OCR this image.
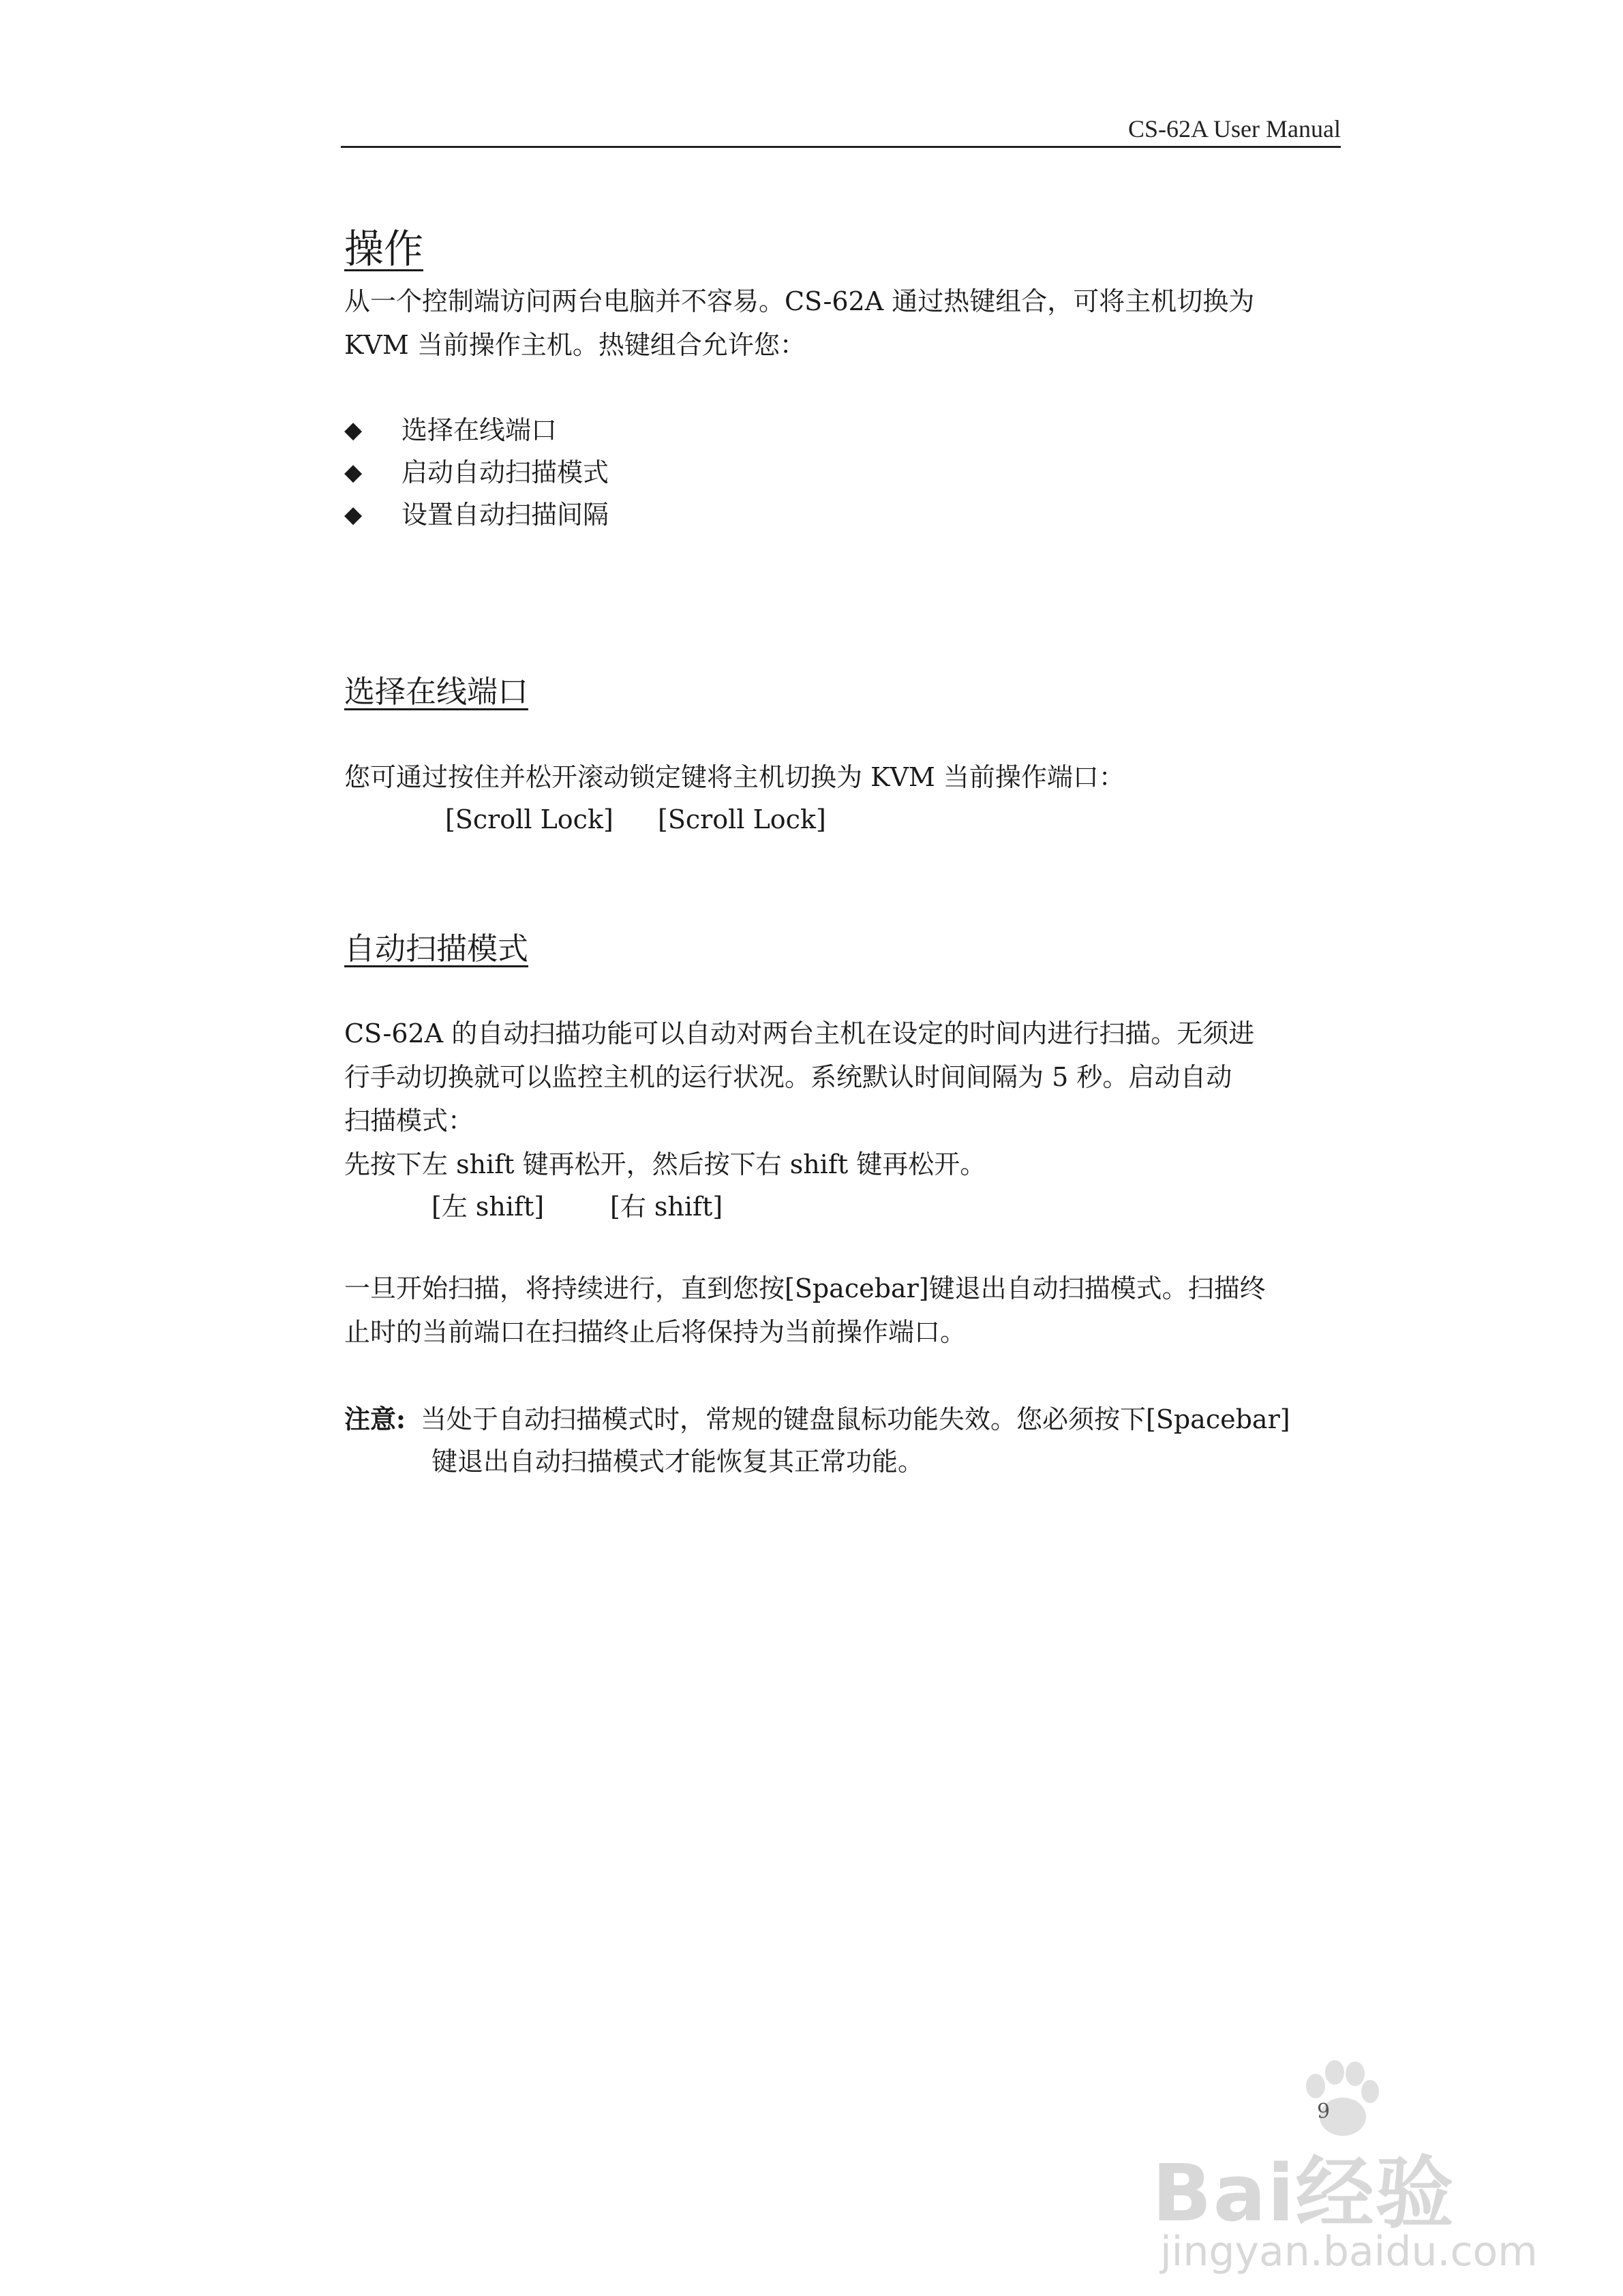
CS-62A User Manual
操作
从一个控制端访问两台电脑并不容易。CS-62A 通过热键组合，可将主机切换为
KVM 当前操作主机。热键组合允许您：
◆	选择在线端口
◆	启动自动扫描模式
◆	设置自动扫描间隔
选择在线端口
您可通过按住并松开滚动锁定键将主机切换为 KVM 当前操作端口：
[Scroll Lock] [Scroll Lock]
自动扫描模式
CS-62A 的自动扫描功能可以自动对两台主机在设定的时间内进行扫描。无须进
行手动切换就可以监控主机的运行状况。系统默认时间间隔为 5 秒。启动自动
扫描模式：
先按下左 shift 键再松开，然后按下右 shift 键再松开。
[左 shift]	[右 shift]
一旦开始扫描，将持续进行，直到您按[Spacebar]键退出自动扫描模式。扫描终
止时的当前端口在扫描终止后将保持为当前操作端口。
注意: 当处于自动扫描模式时，常规的键盘鼠标功能失效。您必须按下[Spacebar]
键退出自动扫描模式才能恢复其正常功能。
Bai经验
jingyan.baidu.com
9
